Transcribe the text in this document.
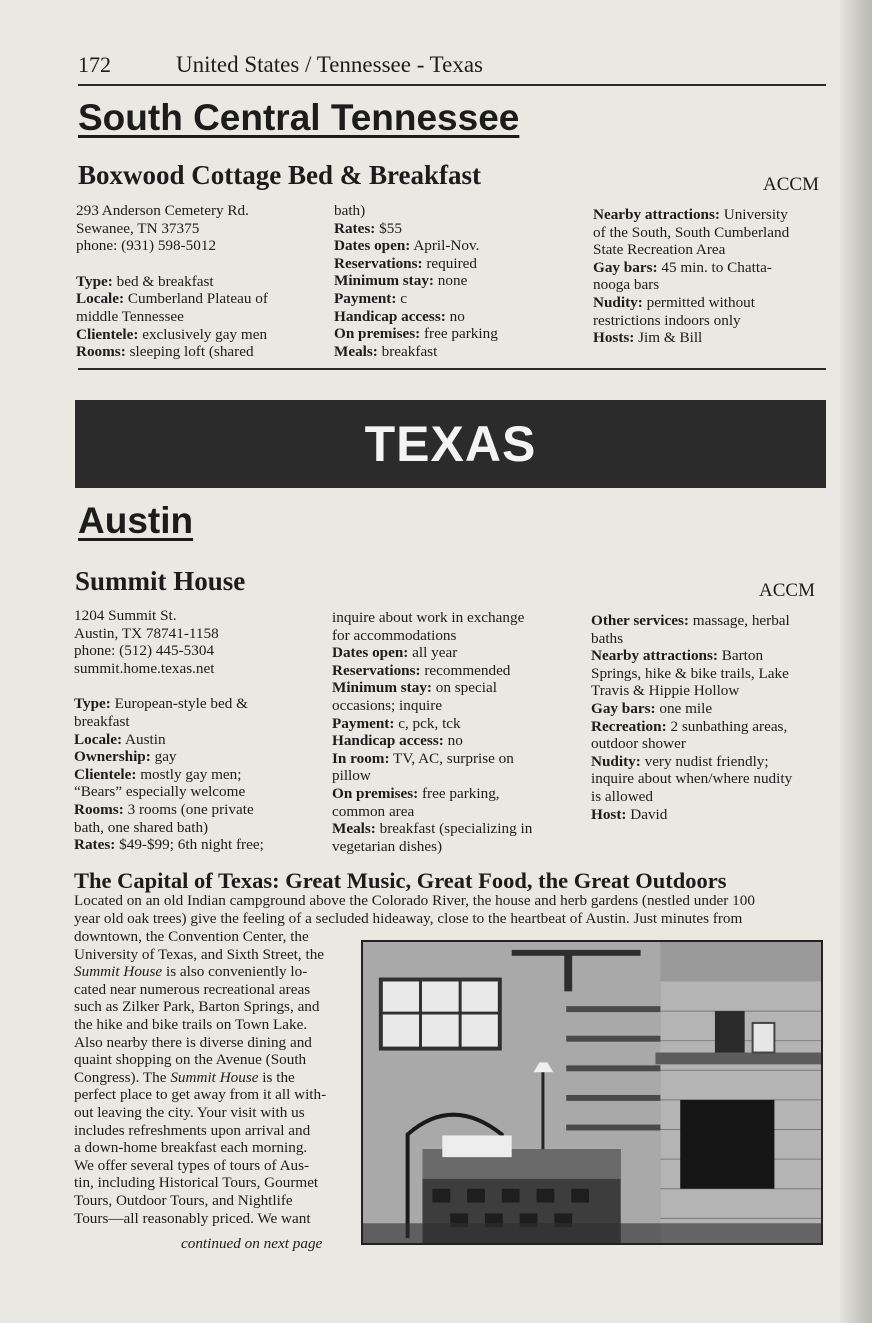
172	United States / Tennessee - Texas
South Central Tennessee
Boxwood Cottage Bed & Breakfast	ACCM
293 Anderson Cemetery Rd.
Sewanee, TN 37375
phone: (931) 598-5012
Type: bed & breakfast
Locale: Cumberland Plateau of
middle Tennessee
Clientele: exclusively gay men
Rooms: sleeping loft (shared
bath)
Rates: $55
Dates open: April-Nov.
Reservations: required
Minimum stay: none
Payment: c
Handicap access: no
On premises: free parking
Meals: breakfast
Nearby attractions: University
of the South, South Cumberland
State Recreation Area
Gay bars: 45 min. to Chatta-
nooga bars
Nudity: permitted without
restrictions indoors only
Hosts: Jim & Bill
TEXAS
Austin
Summit House	ACCM
1204 Summit St.
Austin, TX 78741-1158
phone: (512) 445-5304
summit.home.texas.net
Type: European-style bed &
breakfast
Locale: Austin
Ownership: gay
Clientele: mostly gay men;
“Bears” especially welcome
Rooms: 3 rooms (one private
bath, one shared bath)
Rates: $49-$99; 6th night free;
inquire about work in exchange
for accommodations
Dates open: all year
Reservations: recommended
Minimum stay: on special
occasions; inquire
Payment: c, pck, tck
Handicap access: no
In room: TV, AC, surprise on
pillow
On premises: free parking,
common area
Meals: breakfast (specializing in
vegetarian dishes)
Other services: massage, herbal
baths
Nearby attractions: Barton
Springs, hike & bike trails, Lake
Travis & Hippie Hollow
Gay bars: one mile
Recreation: 2 sunbathing areas,
outdoor shower
Nudity: very nudist friendly;
inquire about when/where nudity
is allowed
Host: David
The Capital of Texas: Great Music, Great Food, the Great Outdoors
Located on an old Indian campground above the Colorado River, the house and herb gardens (nestled under 100
year old oak trees) give the feeling of a secluded hideaway, close to the heartbeat of Austin. Just minutes from
downtown, the Convention Center, the
University of Texas, and Sixth Street, the
Summit House is also conveniently lo-
cated near numerous recreational areas
such as Zilker Park, Barton Springs, and
the hike and bike trails on Town Lake.
Also nearby there is diverse dining and
quaint shopping on the Avenue (South
Congress). The Summit House is the
perfect place to get away from it all with-
out leaving the city. Your visit with us
includes refreshments upon arrival and
a down-home breakfast each morning.
We offer several types of tours of Aus-
tin, including Historical Tours, Gourmet
Tours, Outdoor Tours, and Nightlife
Tours—all reasonably priced. We want
continued on next page
